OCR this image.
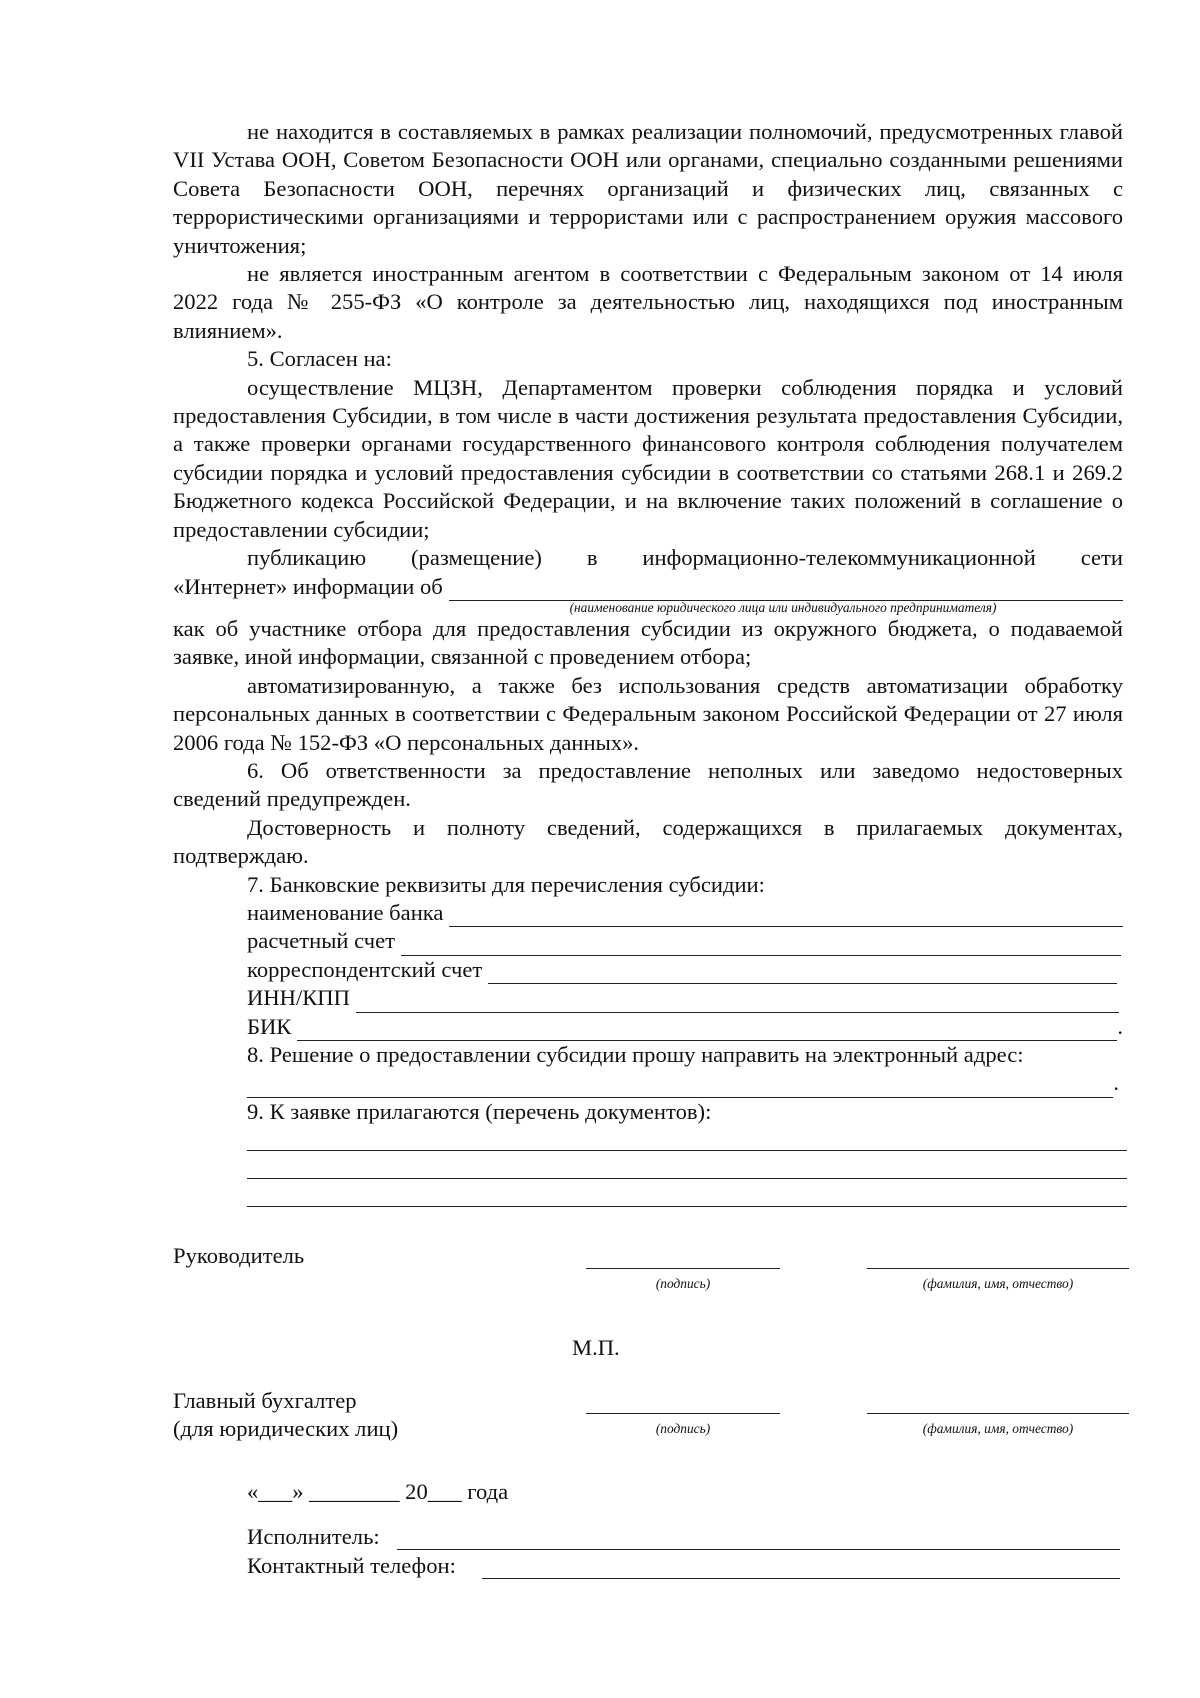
не находится в составляемых в рамках реализации полномочий, предусмотренных главой VII Устава ООН, Советом Безопасности ООН или органами, специально созданными решениями Совета Безопасности ООН, перечнях организаций и физических лиц, связанных с террористическими организациями и террористами или с распространением оружия массового уничтожения;

не является иностранным агентом в соответствии с Федеральным законом от 14 июля 2022 года № 255-ФЗ «О контроле за деятельностью лиц, находящихся под иностранным влиянием».

5. Согласен на:

осуществление МЦЗН, Департаментом проверки соблюдения порядка и условий предоставления Субсидии, в том числе в части достижения результата предоставления Субсидии, а также проверки органами государственного финансового контроля соблюдения получателем субсидии порядка и условий предоставления субсидии в соответствии со статьями 268.1 и 269.2 Бюджетного кодекса Российской Федерации, и на включение таких положений в соглашение о предоставлении субсидии;

публикацию (размещение) в информационно-телекоммуникационной сети

«Интернет» информации об
(наименование юридического лица или индивидуального предпринимателя)

как об участнике отбора для предоставления субсидии из окружного бюджета, о подаваемой заявке, иной информации, связанной с проведением отбора;

автоматизированную, а также без использования средств автоматизации обработку персональных данных в соответствии с Федеральным законом Российской Федерации от 27 июля 2006 года № 152-ФЗ «О персональных данных».

6. Об ответственности за предоставление неполных или заведомо недостоверных сведений предупрежден.

Достоверность и полноту сведений, содержащихся в прилагаемых документах, подтверждаю.

7. Банковские реквизиты для перечисления субсидии:

наименование банка
расчетный счет
корреспондентский счет
ИНН/КПП
БИК	.

8. Решение о предоставлении субсидии прошу направить на электронный адрес:

.

9. К заявке прилагаются (перечень документов):

Руководитель
(подпись)	(фамилия, имя, отчество)
М.П.
Главный бухгалтер
(для юридических лиц)	(подпись)	(фамилия, имя, отчество)
«___» ________ 20___ года
Исполнитель:
Контактный телефон:
